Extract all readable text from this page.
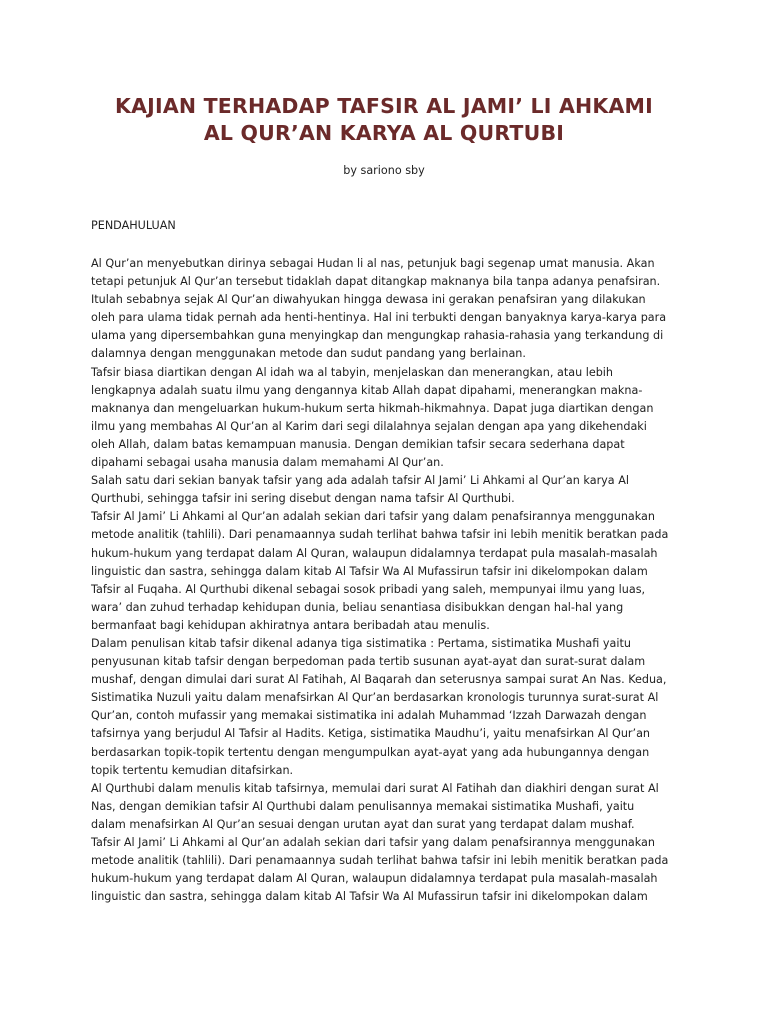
KAJIAN TERHADAP TAFSIR AL JAMI’ LI AHKAMI
AL QUR’AN KARYA AL QURTUBI
by sariono sby
PENDAHULUAN
Al Qur’an menyebutkan dirinya sebagai Hudan li al nas, petunjuk bagi segenap umat manusia. Akan
tetapi petunjuk Al Qur’an tersebut tidaklah dapat ditangkap maknanya bila tanpa adanya penafsiran.
Itulah sebabnya sejak Al Qur’an diwahyukan hingga dewasa ini gerakan penafsiran yang dilakukan
oleh para ulama tidak pernah ada henti-hentinya. Hal ini terbukti dengan banyaknya karya-karya para
ulama yang dipersembahkan guna menyingkap dan mengungkap rahasia-rahasia yang terkandung di
dalamnya dengan menggunakan metode dan sudut pandang yang berlainan.
Tafsir biasa diartikan dengan Al idah wa al tabyin, menjelaskan dan menerangkan, atau lebih
lengkapnya adalah suatu ilmu yang dengannya kitab Allah dapat dipahami, menerangkan makna-
maknanya dan mengeluarkan hukum-hukum serta hikmah-hikmahnya. Dapat juga diartikan dengan
ilmu yang membahas Al Qur’an al Karim dari segi dilalahnya sejalan dengan apa yang dikehendaki
oleh Allah, dalam batas kemampuan manusia. Dengan demikian tafsir secara sederhana dapat
dipahami sebagai usaha manusia dalam memahami Al Qur’an.
Salah satu dari sekian banyak tafsir yang ada adalah tafsir Al Jami’ Li Ahkami al Qur’an karya Al
Qurthubi, sehingga tafsir ini sering disebut dengan nama tafsir Al Qurthubi.
Tafsir Al Jami’ Li Ahkami al Qur’an adalah sekian dari tafsir yang dalam penafsirannya menggunakan
metode analitik (tahlili). Dari penamaannya sudah terlihat bahwa tafsir ini lebih menitik beratkan pada
hukum-hukum yang terdapat dalam Al Quran, walaupun didalamnya terdapat pula masalah-masalah
linguistic dan sastra, sehingga dalam kitab Al Tafsir Wa Al Mufassirun tafsir ini dikelompokan dalam
Tafsir al Fuqaha. Al Qurthubi dikenal sebagai sosok pribadi yang saleh, mempunyai ilmu yang luas,
wara’ dan zuhud terhadap kehidupan dunia, beliau senantiasa disibukkan dengan hal-hal yang
bermanfaat bagi kehidupan akhiratnya antara beribadah atau menulis.
Dalam penulisan kitab tafsir dikenal adanya tiga sistimatika : Pertama, sistimatika Mushafi yaitu
penyusunan kitab tafsir dengan berpedoman pada tertib susunan ayat-ayat dan surat-surat dalam
mushaf, dengan dimulai dari surat Al Fatihah, Al Baqarah dan seterusnya sampai surat An Nas. Kedua,
Sistimatika Nuzuli yaitu dalam menafsirkan Al Qur’an berdasarkan kronologis turunnya surat-surat Al
Qur’an, contoh mufassir yang memakai sistimatika ini adalah Muhammad ‘Izzah Darwazah dengan
tafsirnya yang berjudul Al Tafsir al Hadits. Ketiga, sistimatika Maudhu’i, yaitu menafsirkan Al Qur’an
berdasarkan topik-topik tertentu dengan mengumpulkan ayat-ayat yang ada hubungannya dengan
topik tertentu kemudian ditafsirkan.
Al Qurthubi dalam menulis kitab tafsirnya, memulai dari surat Al Fatihah dan diakhiri dengan surat Al
Nas, dengan demikian tafsir Al Qurthubi dalam penulisannya memakai sistimatika Mushafi, yaitu
dalam menafsirkan Al Qur’an sesuai dengan urutan ayat dan surat yang terdapat dalam mushaf.
Tafsir Al Jami’ Li Ahkami al Qur’an adalah sekian dari tafsir yang dalam penafsirannya menggunakan
metode analitik (tahlili). Dari penamaannya sudah terlihat bahwa tafsir ini lebih menitik beratkan pada
hukum-hukum yang terdapat dalam Al Quran, walaupun didalamnya terdapat pula masalah-masalah
linguistic dan sastra, sehingga dalam kitab Al Tafsir Wa Al Mufassirun tafsir ini dikelompokan dalam
